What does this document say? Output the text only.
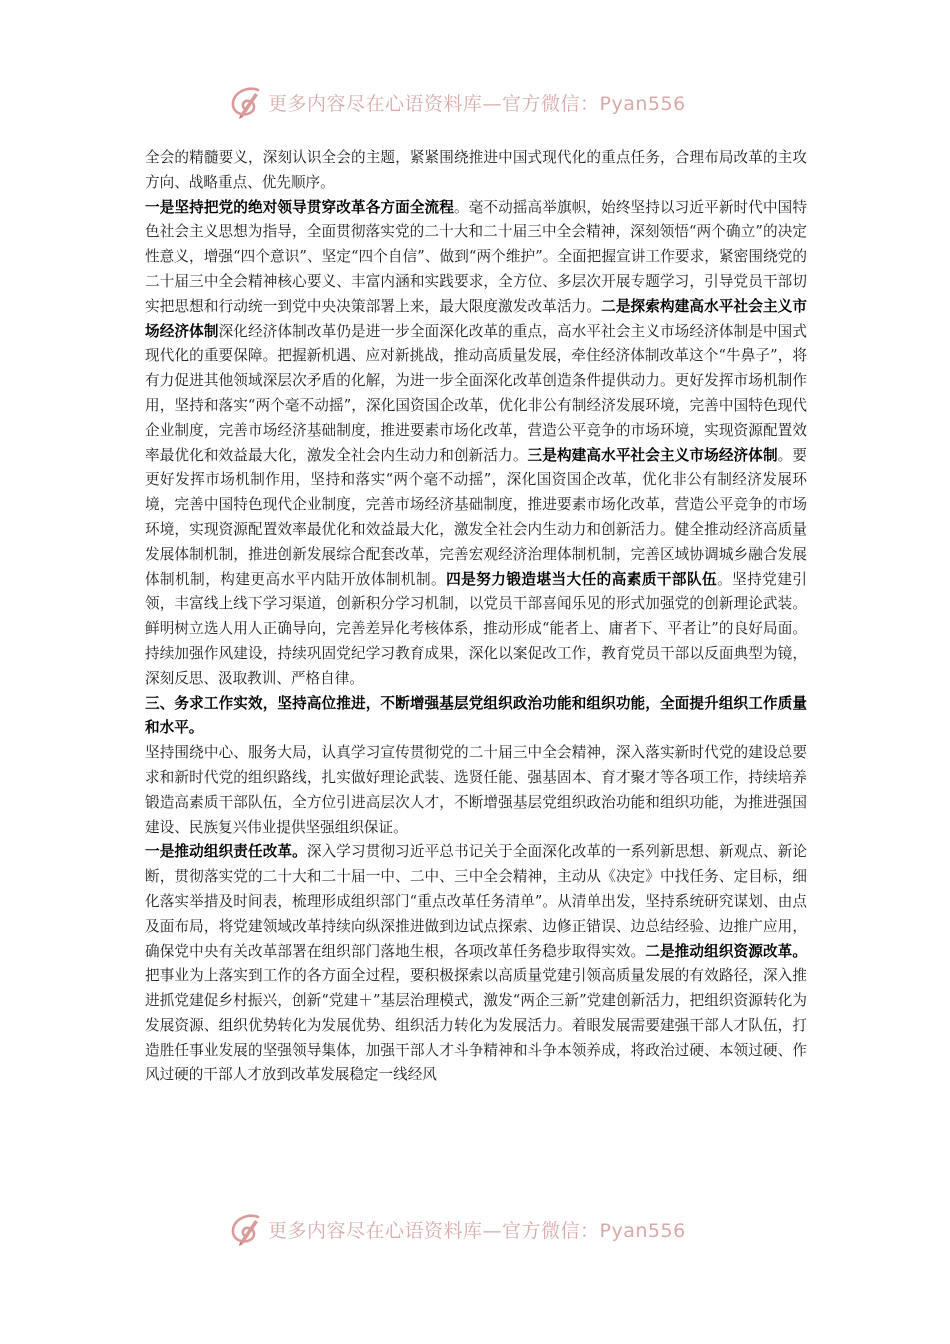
更多内容尽在心语资料库—官方微信：Pyan556

全会的精髓要义，深刻认识全会的主题，紧紧围绕推进中国式现代化的重点任务，合理布局改革的主攻方向、战略重点、优先顺序。

一是坚持把党的绝对领导贯穿改革各方面全流程。毫不动摇高举旗帜，始终坚持以习近平新时代中国特色社会主义思想为指导，全面贯彻落实党的二十大和二十届三中全会精神，深刻领悟“两个确立”的决定性意义，增强“四个意识”、坚定“四个自信”、做到“两个维护”。全面把握宣讲工作要求，紧密围绕党的二十届三中全会精神核心要义、丰富内涵和实践要求，全方位、多层次开展专题学习，引导党员干部切实把思想和行动统一到党中央决策部署上来，最大限度激发改革活力。二是探索构建高水平社会主义市场经济体制深化经济体制改革仍是进一步全面深化改革的重点，高水平社会主义市场经济体制是中国式现代化的重要保障。把握新机遇、应对新挑战，推动高质量发展，牵住经济体制改革这个“牛鼻子”，将有力促进其他领域深层次矛盾的化解，为进一步全面深化改革创造条件提供动力。更好发挥市场机制作用，坚持和落实“两个毫不动摇”，深化国资国企改革，优化非公有制经济发展环境，完善中国特色现代企业制度，完善市场经济基础制度，推进要素市场化改革，营造公平竞争的市场环境，实现资源配置效率最优化和效益最大化，激发全社会内生动力和创新活力。三是构建高水平社会主义市场经济体制。要更好发挥市场机制作用，坚持和落实“两个毫不动摇”，深化国资国企改革，优化非公有制经济发展环境，完善中国特色现代企业制度，完善市场经济基础制度，推进要素市场化改革，营造公平竞争的市场环境，实现资源配置效率最优化和效益最大化，激发全社会内生动力和创新活力。健全推动经济高质量发展体制机制，推进创新发展综合配套改革，完善宏观经济治理体制机制，完善区域协调城乡融合发展体制机制，构建更高水平内陆开放体制机制。四是努力锻造堪当大任的高素质干部队伍。坚持党建引领，丰富线上线下学习渠道，创新积分学习机制，以党员干部喜闻乐见的形式加强党的创新理论武装。鲜明树立选人用人正确导向，完善差异化考核体系，推动形成“能者上、庸者下、平者让”的良好局面。持续加强作风建设，持续巩固党纪学习教育成果，深化以案促改工作，教育党员干部以反面典型为镜，深刻反思、汲取教训、严格自律。

三、务求工作实效，坚持高位推进，不断增强基层党组织政治功能和组织功能，全面提升组织工作质量和水平。

坚持围绕中心、服务大局，认真学习宣传贯彻党的二十届三中全会精神，深入落实新时代党的建设总要求和新时代党的组织路线，扎实做好理论武装、选贤任能、强基固本、育才聚才等各项工作，持续培养锻造高素质干部队伍，全方位引进高层次人才，不断增强基层党组织政治功能和组织功能，为推进强国建设、民族复兴伟业提供坚强组织保证。

一是推动组织责任改革。深入学习贯彻习近平总书记关于全面深化改革的一系列新思想、新观点、新论断，贯彻落实党的二十大和二十届一中、二中、三中全会精神，主动从《决定》中找任务、定目标，细化落实举措及时间表，梳理形成组织部门“重点改革任务清单”。从清单出发，坚持系统研究谋划、由点及面布局，将党建领域改革持续向纵深推进做到边试点探索、边修正错误、边总结经验、边推广应用，确保党中央有关改革部署在组织部门落地生根，各项改革任务稳步取得实效。二是推动组织资源改革。把事业为上落实到工作的各方面全过程，要积极探索以高质量党建引领高质量发展的有效路径，深入推进抓党建促乡村振兴，创新“党建＋”基层治理模式，激发“两企三新”党建创新活力，把组织资源转化为发展资源、组织优势转化为发展优势、组织活力转化为发展活力。着眼发展需要建强干部人才队伍，打造胜任事业发展的坚强领导集体，加强干部人才斗争精神和斗争本领养成，将政治过硬、本领过硬、作风过硬的干部人才放到改革发展稳定一线经风

更多内容尽在心语资料库—官方微信：Pyan556
